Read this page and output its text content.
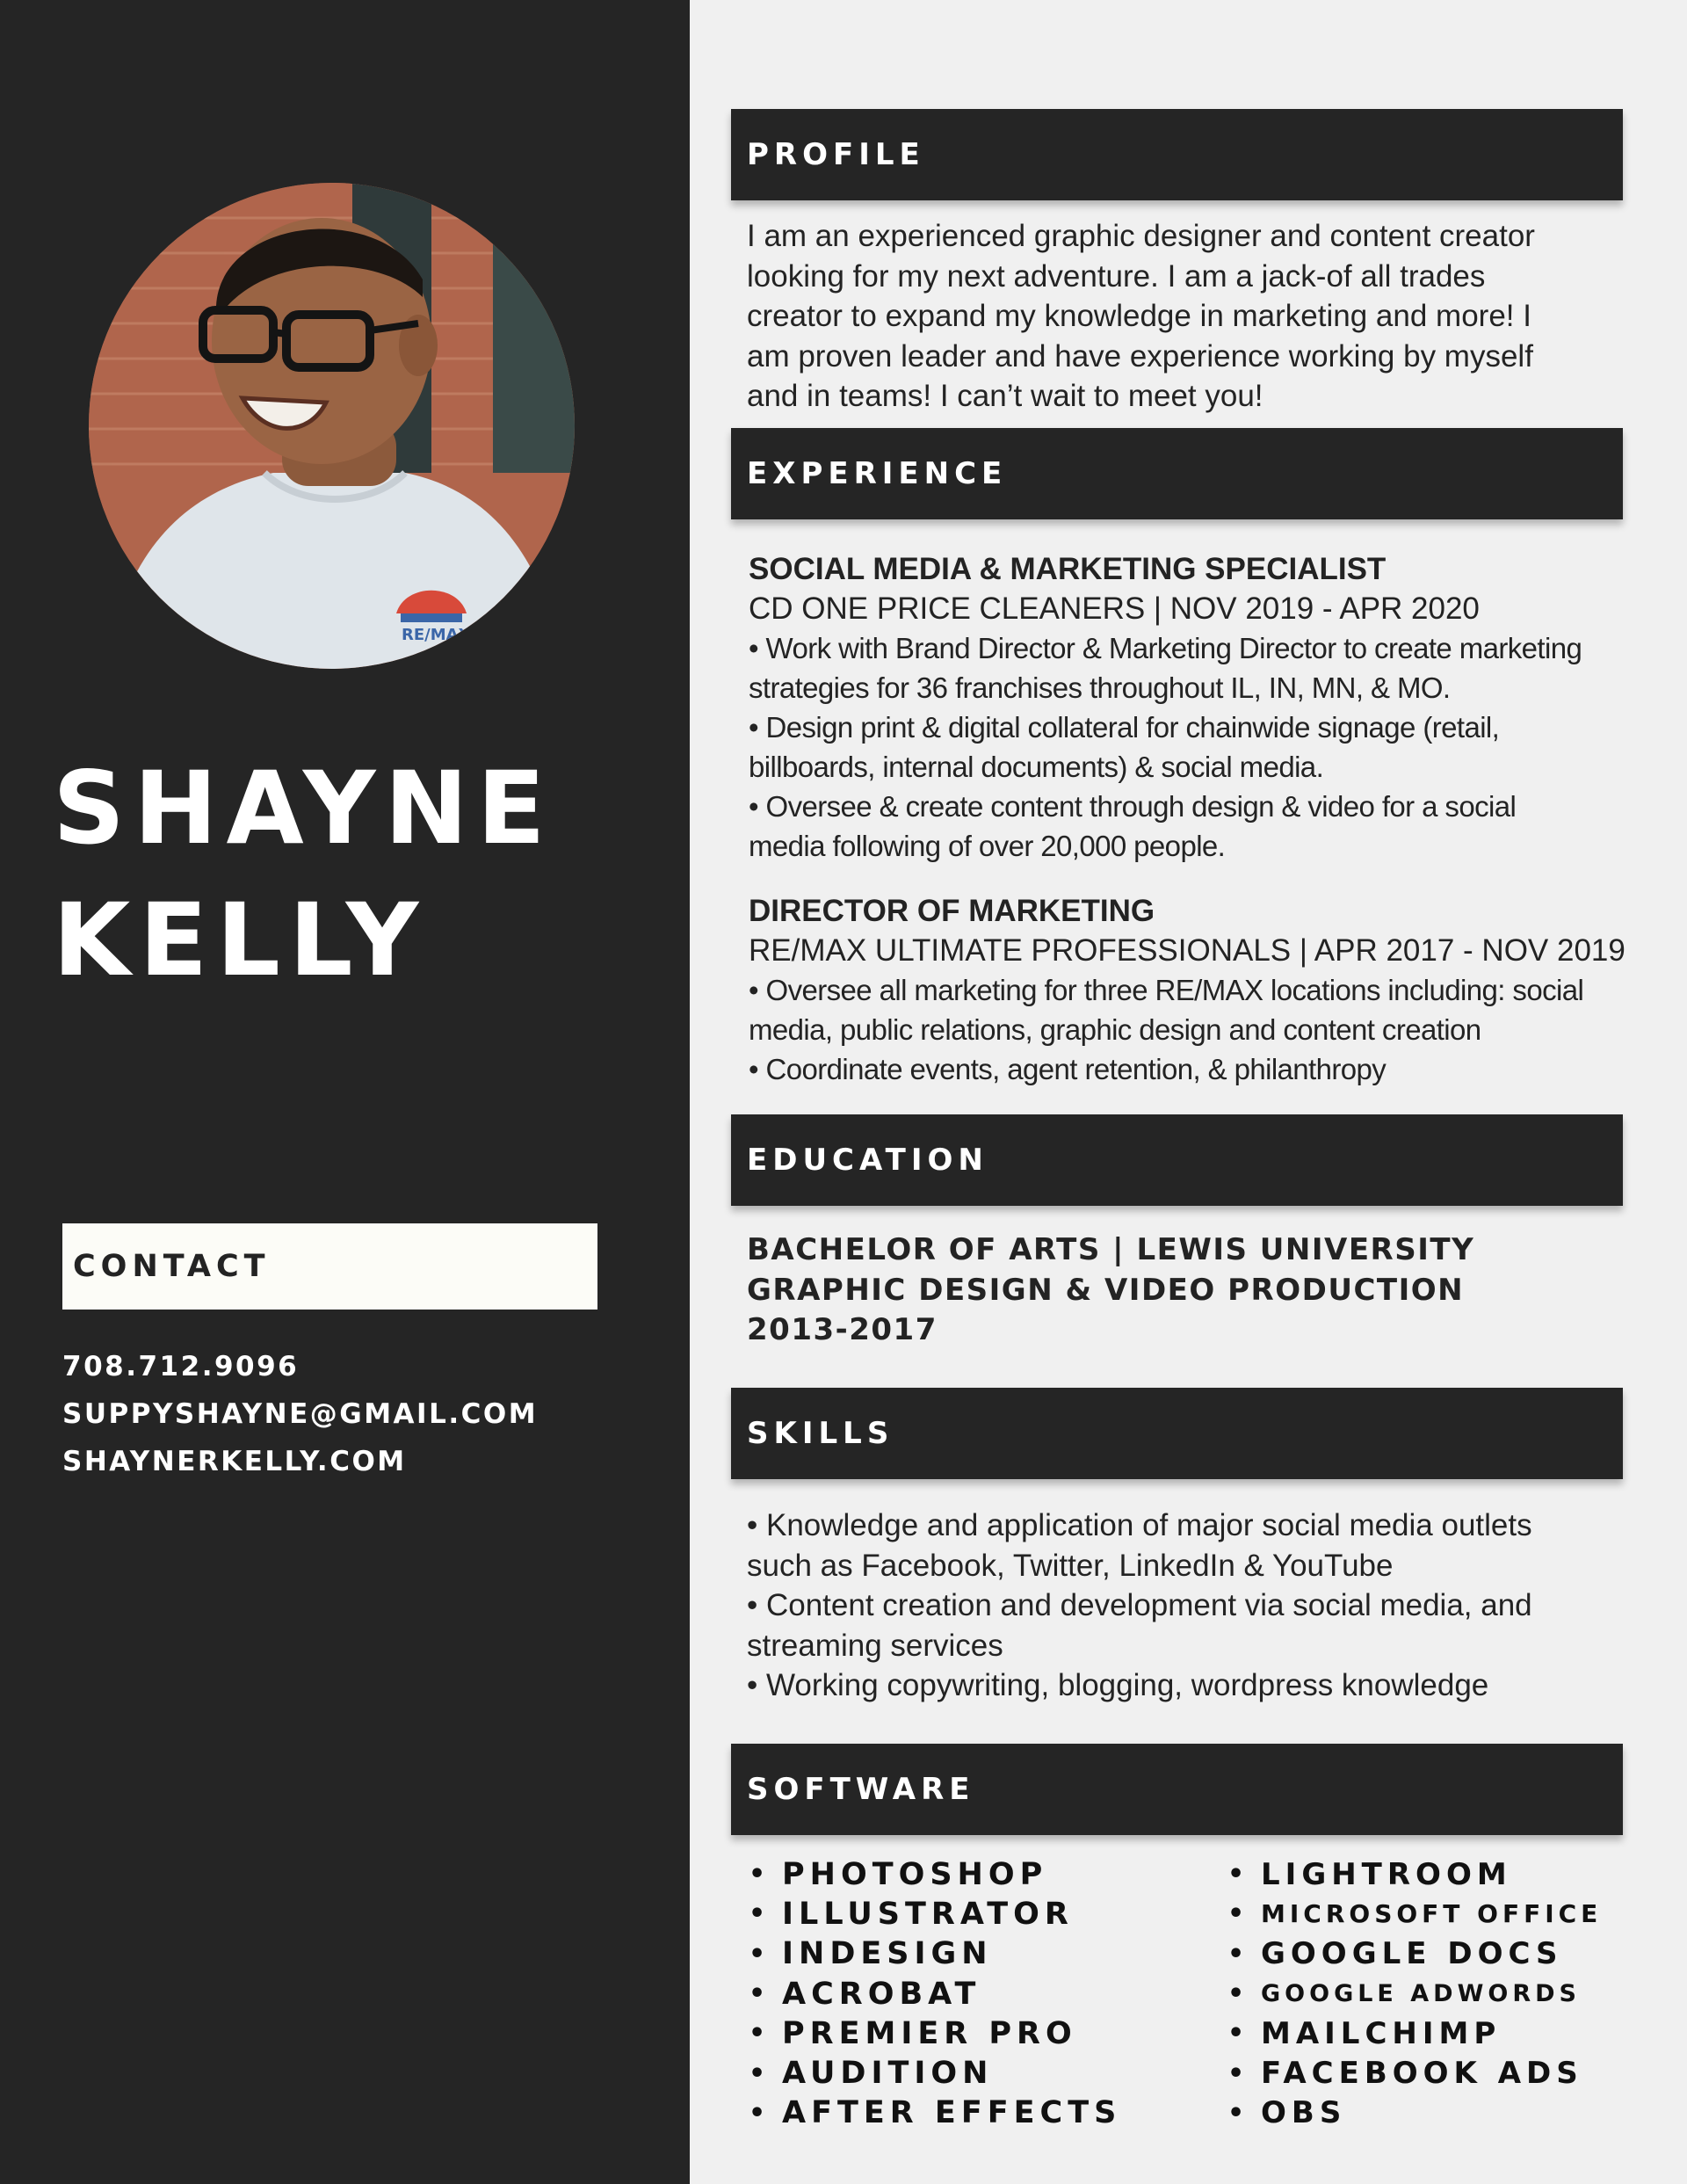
RE/MAX
SHAYNE
KELLY
CONTACT
708.712.9096
SUPPYSHAYNE@GMAIL.COM
SHAYNERKELLY.COM
PROFILE
I am an experienced graphic designer and content creator
looking for my next adventure. I am a jack-of all trades
creator to expand my knowledge in marketing and more! I
am proven leader and have experience working by myself
and in teams! I can’t wait to meet you!
EXPERIENCE
SOCIAL MEDIA & MARKETING SPECIALIST
CD ONE PRICE CLEANERS | NOV 2019 - APR 2020
• Work with Brand Director & Marketing Director to create marketing
strategies for 36 franchises throughout IL, IN, MN, & MO.
• Design print & digital collateral for chainwide signage (retail,
billboards, internal documents) & social media.
• Oversee & create content through design & video for a social
media following of over 20,000 people.
DIRECTOR OF MARKETING
RE/MAX ULTIMATE PROFESSIONALS | APR 2017 - NOV 2019
• Oversee all marketing for three RE/MAX locations including: social
media, public relations, graphic design and content creation
• Coordinate events, agent retention, & philanthropy
EDUCATION
BACHELOR OF ARTS | LEWIS UNIVERSITY
GRAPHIC DESIGN & VIDEO PRODUCTION
2013-2017
SKILLS
• Knowledge and application of major social media outlets
such as Facebook, Twitter, LinkedIn & YouTube
• Content creation and development via social media, and
streaming services
• Working copywriting, blogging, wordpress knowledge
SOFTWARE
• PHOTOSHOP
• ILLUSTRATOR
• INDESIGN
• ACROBAT
• PREMIER PRO
• AUDITION
• AFTER EFFECTS
• LIGHTROOM
• MICROSOFT OFFICE
• GOOGLE DOCS
• GOOGLE ADWORDS
• MAILCHIMP
• FACEBOOK ADS
• OBS
